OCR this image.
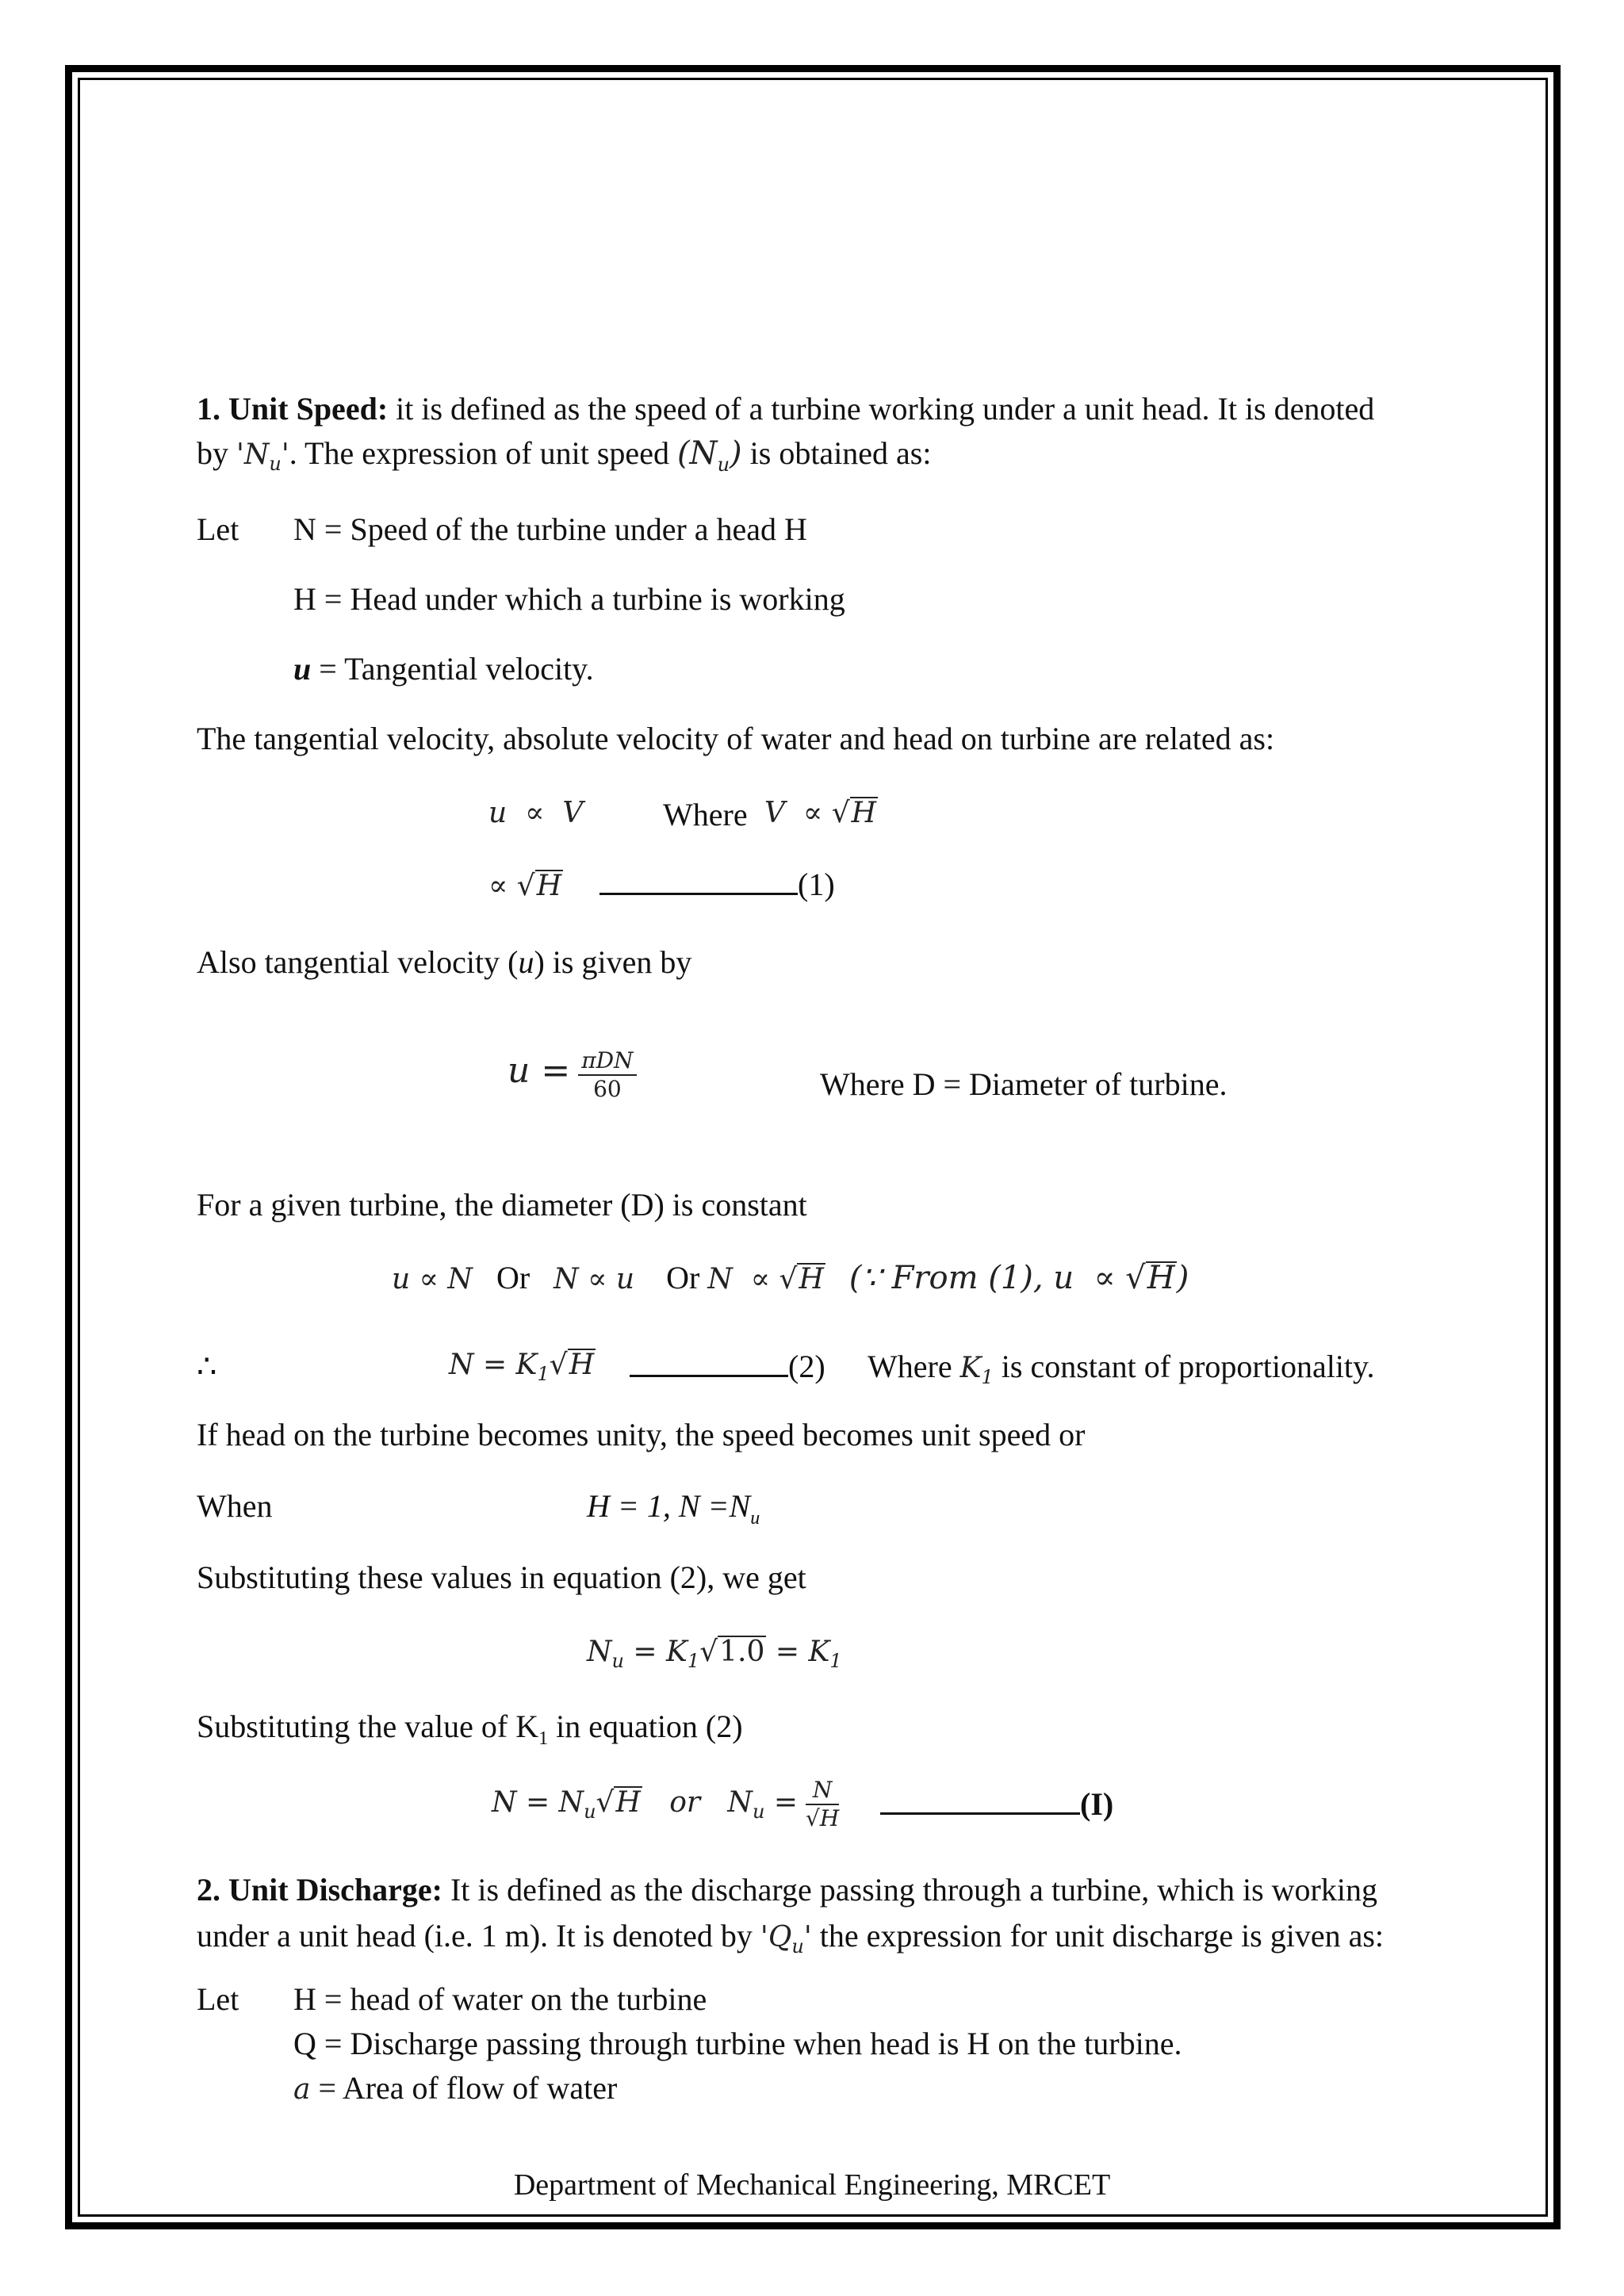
1. Unit Speed: it is defined as the speed of a turbine working under a unit head. It is denoted
by '$N_u$'. The expression of unit speed $(N_u)$ is obtained as:
Let N = Speed of the turbine under a head H
H = Head under which a turbine is working
u = Tangential velocity.
The tangential velocity, absolute velocity of water and head on turbine are related as:
u  ∝  V	Where V  ∝ √H
∝ √H	(1)
Also tangential velocity (u) is given by
$u = \frac{\text{πDN}}{60}$	Where D = Diameter of turbine.
For a given turbine, the diameter (D) is constant
u ∝ N Or N ∝ u Or N  ∝ √H (∵ From (1), u  ∝ √H)
∴	$N = K_1√H$	(2) Where $K_1$ is constant of proportionality.
If head on the turbine becomes unity, the speed becomes unit speed or
When	H = 1, $N =N_u$
Substituting these values in equation (2), we get
$N_u = K_1√1.0 = K_1$
Substituting the value of $K_1$ in equation (2)
$N = N_u√H$   or   $N_u = \frac{N}{√H}$	(I)
2. Unit Discharge: It is defined as the discharge passing through a turbine, which is working
under a unit head (i.e. 1 m). It is denoted by '$Q_u$' the expression for unit discharge is given as:
Let H = head of water on the turbine
Q = Discharge passing through turbine when head is H on the turbine.
a = Area of flow of water
Department of Mechanical Engineering, MRCET
